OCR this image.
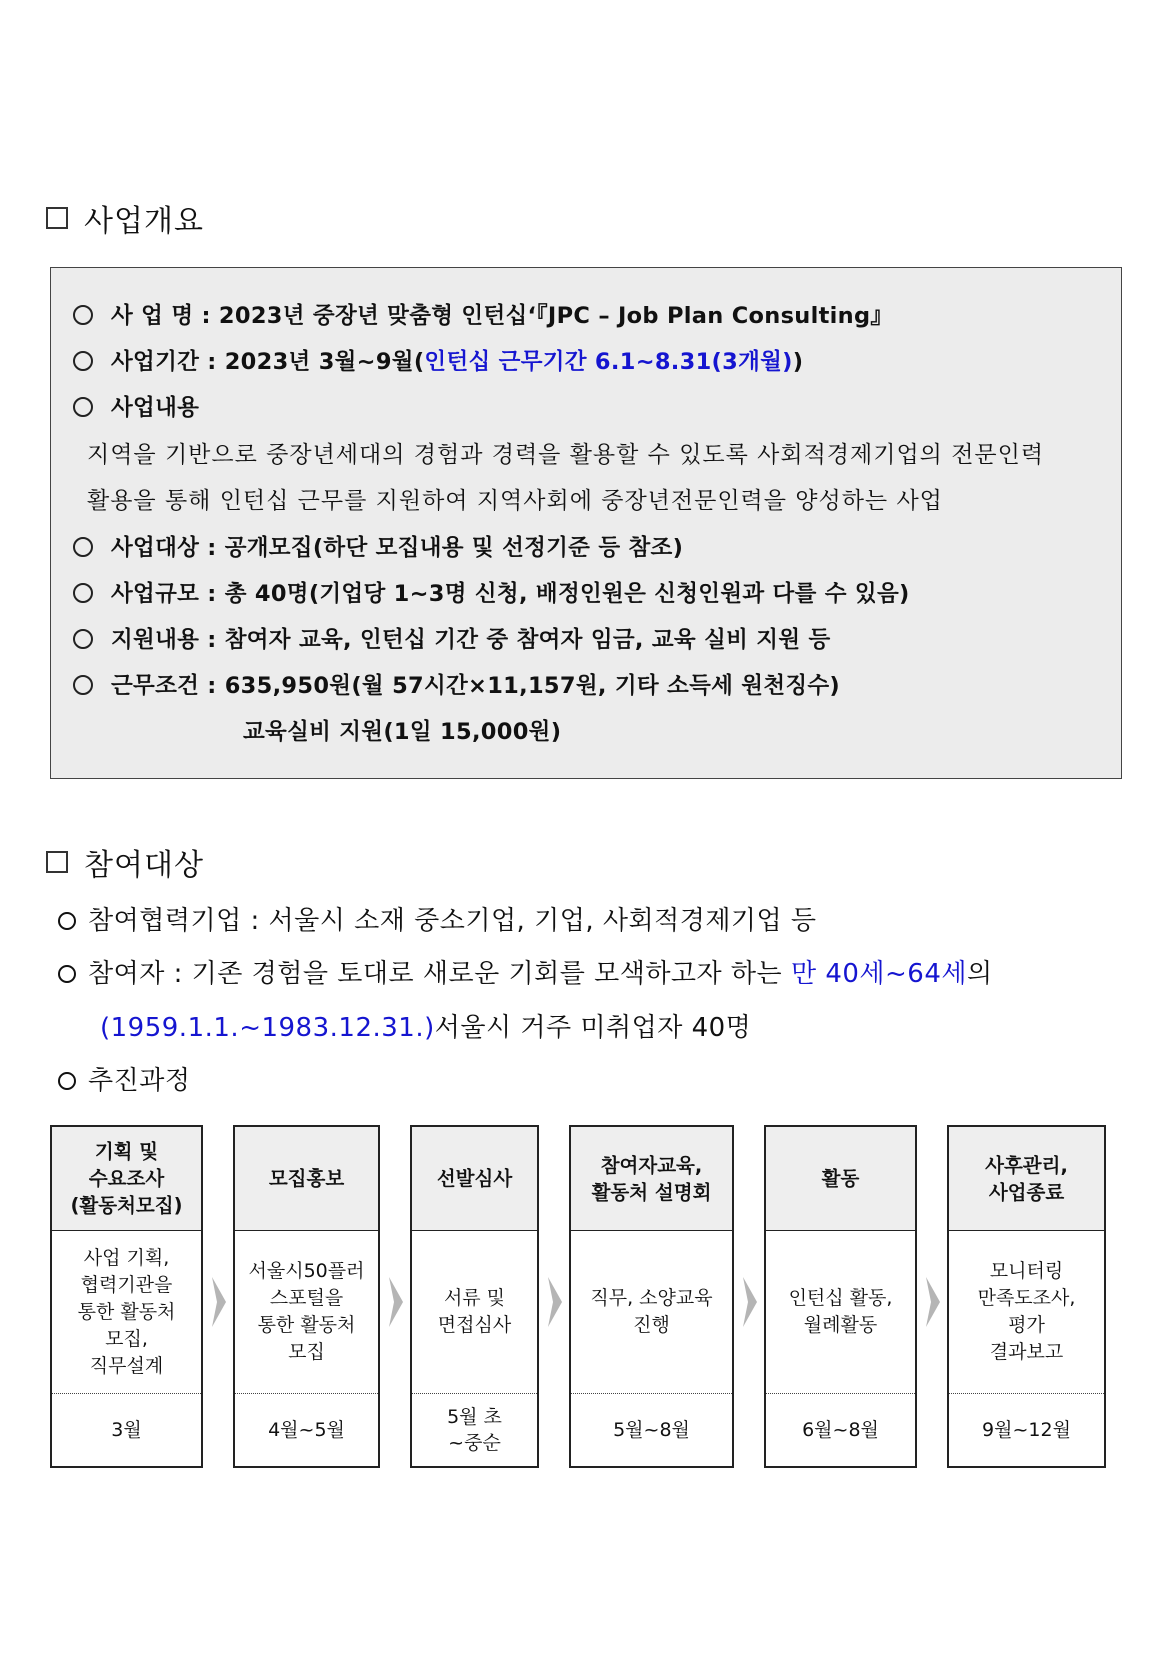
사업개요
사 업 명 : 2023년 중장년 맞춤형 인턴십‘『JPC – Job Plan Consulting』
사업기간 : 2023년 3월~9월(인턴십 근무기간 6.1~8.31(3개월))
사업내용
지역을 기반으로 중장년세대의 경험과 경력을 활용할 수 있도록 사회적경제기업의 전문인력
활용을 통해 인턴십 근무를 지원하여 지역사회에 중장년전문인력을 양성하는 사업
사업대상 : 공개모집(하단 모집내용 및 선정기준 등 참조)
사업규모 : 총 40명(기업당 1~3명 신청, 배정인원은 신청인원과 다를 수 있음)
지원내용 : 참여자 교육, 인턴십 기간 중 참여자 임금, 교육 실비 지원 등
근무조건 : 635,950원(월 57시간×11,157원, 기타 소득세 원천징수)
교육실비 지원(1일 15,000원)
참여대상
참여협력기업 : 서울시 소재 중소기업, 기업, 사회적경제기업 등
참여자 : 기존 경험을 토대로 새로운 기회를 모색하고자 하는 만 40세~64세의
(1959.1.1.~1983.12.31.)서울시 거주 미취업자 40명
추진과정
기획 및
수요조사
(활동처모집)
사업 기획,
협력기관을
통한 활동처
모집,
직무설계
3월
모집홍보
서울시50플러
스포털을
통한 활동처
모집
4월~5월
선발심사
서류 및
면접심사
5월 초
~중순
참여자교육,
활동처 설명회
직무, 소양교육
진행
5월~8월
활동
인턴십 활동,
월례활동
6월~8월
사후관리,
사업종료
모니터링
만족도조사,
평가
결과보고
9월~12월
